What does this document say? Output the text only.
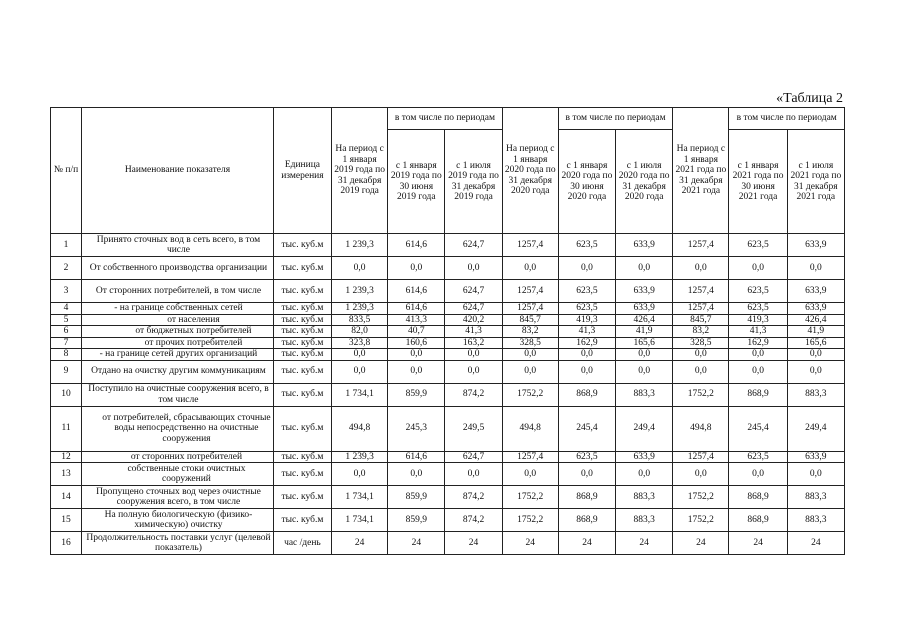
«Таблица 2
№ п/п	Наименование показателя	Единица измерения	На период с 1 января 2019 года по 31 декабря 2019 года	в том числе по периодам		На период с 1 января 2020 года по 31 декабря 2020 года	в том числе по периодам		На период с 1 января 2021 года по 31 декабря 2021 года	в том числе по периодам	
				с 1 января 2019 года по 30 июня 2019 года	с 1 июля 2019 года по 31 декабря 2019 года		с 1 января 2020 года по 30 июня 2020 года	с 1 июля 2020 года по 31 декабря 2020 года		с 1 января 2021 года по 30 июня 2021 года	с 1 июля 2021 года по 31 декабря 2021 года
1	Принято сточных вод в сеть всего, в том числе	тыс. куб.м	1 239,3	614,6	624,7	1257,4	623,5	633,9	1257,4	623,5	633,9
2	От собственного производства организации	тыс. куб.м	0,0	0,0	0,0	0,0	0,0	0,0	0,0	0,0	0,0
3	От сторонних потребителей, в том числе	тыс. куб.м	1 239,3	614,6	624,7	1257,4	623,5	633,9	1257,4	623,5	633,9
4	- на границе собственных сетей	тыс. куб.м	1 239,3	614,6	624,7	1257,4	623,5	633,9	1257,4	623,5	633,9
5	от населения	тыс. куб.м	833,5	413,3	420,2	845,7	419,3	426,4	845,7	419,3	426,4
6	от бюджетных потребителей	тыс. куб.м	82,0	40,7	41,3	83,2	41,3	41,9	83,2	41,3	41,9
7	от прочих потребителей	тыс. куб.м	323,8	160,6	163,2	328,5	162,9	165,6	328,5	162,9	165,6
8	- на границе сетей других организаций	тыс. куб.м	0,0	0,0	0,0	0,0	0,0	0,0	0,0	0,0	0,0
9	Отдано на очистку другим коммуникациям	тыс. куб.м	0,0	0,0	0,0	0,0	0,0	0,0	0,0	0,0	0,0
10	Поступило на очистные сооружения всего, в том числе	тыс. куб.м	1 734,1	859,9	874,2	1752,2	868,9	883,3	1752,2	868,9	883,3
11	от потребителей, сбрасывающих сточные воды непосредственно на очистные сооружения	тыс. куб.м	494,8	245,3	249,5	494,8	245,4	249,4	494,8	245,4	249,4
12	от сторонних потребителей	тыс. куб.м	1 239,3	614,6	624,7	1257,4	623,5	633,9	1257,4	623,5	633,9
13	собственные стоки очистных сооружений	тыс. куб.м	0,0	0,0	0,0	0,0	0,0	0,0	0,0	0,0	0,0
14	Пропущено сточных вод через очистные сооружения всего, в том числе	тыс. куб.м	1 734,1	859,9	874,2	1752,2	868,9	883,3	1752,2	868,9	883,3
15	На полную биологическую (физико-химическую) очистку	тыс. куб.м	1 734,1	859,9	874,2	1752,2	868,9	883,3	1752,2	868,9	883,3
16	Продолжительность поставки услуг (целевой показатель)	час /день	24	24	24	24	24	24	24	24	24
